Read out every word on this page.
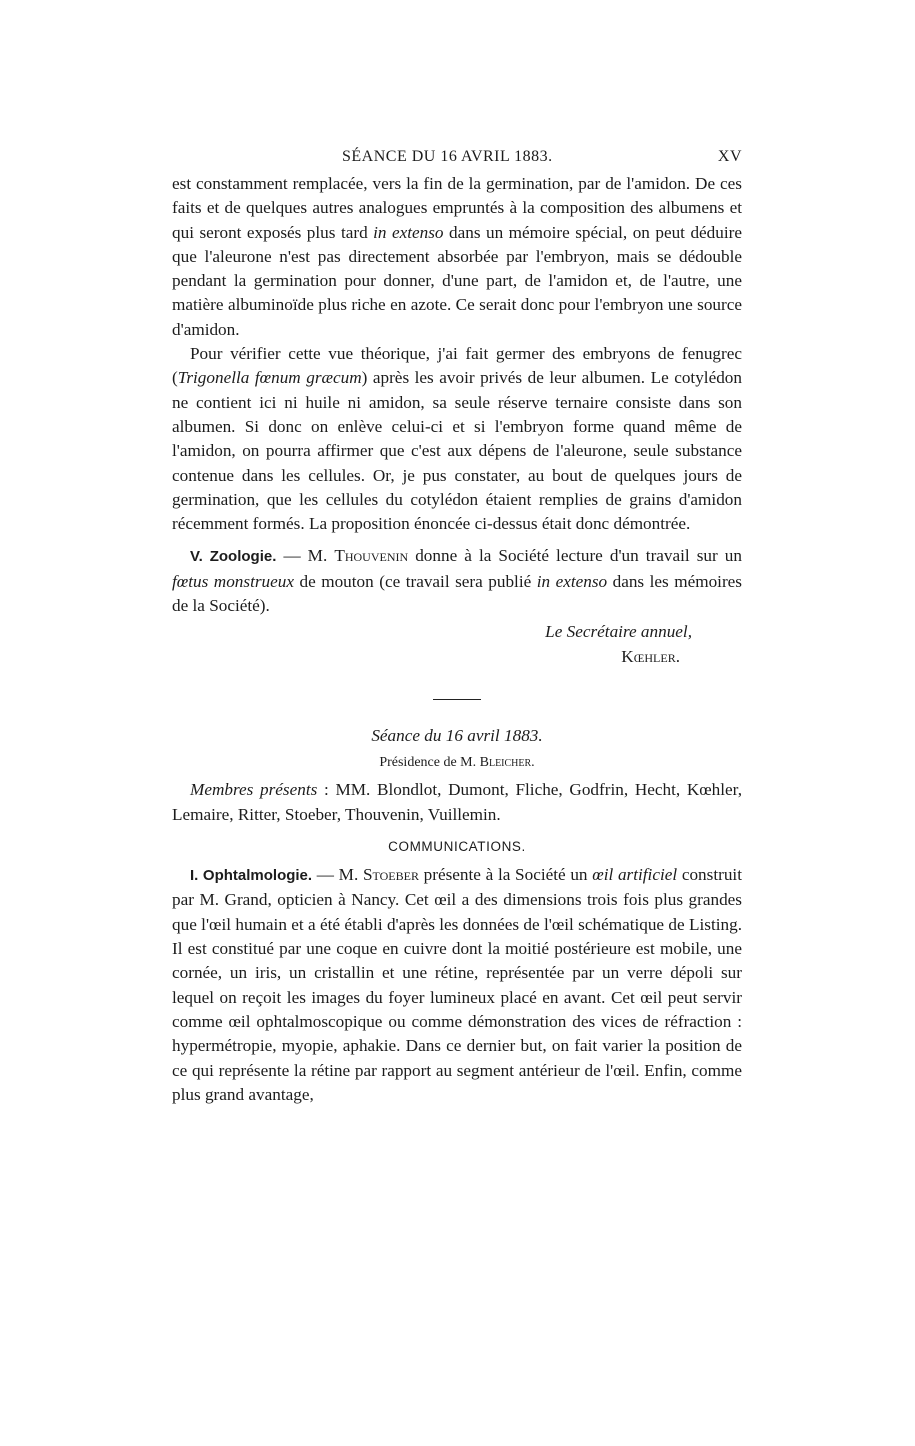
SÉANCE DU 16 AVRIL 1883.	XV

est constamment remplacée, vers la fin de la germination, par de l'amidon. De ces faits et de quelques autres analogues empruntés à la composition des albumens et qui seront exposés plus tard in extenso dans un mémoire spécial, on peut déduire que l'aleurone n'est pas directement absorbée par l'embryon, mais se dédouble pendant la germination pour donner, d'une part, de l'amidon et, de l'autre, une matière albuminoïde plus riche en azote. Ce serait donc pour l'embryon une source d'amidon.

Pour vérifier cette vue théorique, j'ai fait germer des embryons de fenugrec (Trigonella fœnum græcum) après les avoir privés de leur albumen. Le cotylédon ne contient ici ni huile ni amidon, sa seule réserve ternaire consiste dans son albumen. Si donc on enlève celui-ci et si l'embryon forme quand même de l'amidon, on pourra affirmer que c'est aux dépens de l'aleurone, seule substance contenue dans les cellules. Or, je pus constater, au bout de quelques jours de germination, que les cellules du cotylédon étaient remplies de grains d'amidon récemment formés. La proposition énoncée ci-dessus était donc démontrée.

V. Zoologie. — M. Thouvenin donne à la Société lecture d'un travail sur un fœtus monstrueux de mouton (ce travail sera publié in extenso dans les mémoires de la Société).

Le Secrétaire annuel,

Kœhler.

Séance du 16 avril 1883.

Présidence de M. Bleicher.

Membres présents : MM. Blondlot, Dumont, Fliche, Godfrin, Hecht, Kœhler, Lemaire, Ritter, Stoeber, Thouvenin, Vuillemin.

COMMUNICATIONS.

I. Ophtalmologie. — M. Stoeber présente à la Société un œil artificiel construit par M. Grand, opticien à Nancy. Cet œil a des dimensions trois fois plus grandes que l'œil humain et a été établi d'après les données de l'œil schématique de Listing. Il est constitué par une coque en cuivre dont la moitié postérieure est mobile, une cornée, un iris, un cristallin et une rétine, représentée par un verre dépoli sur lequel on reçoit les images du foyer lumineux placé en avant. Cet œil peut servir comme œil ophtalmoscopique ou comme démonstration des vices de réfraction : hypermétropie, myopie, aphakie. Dans ce dernier but, on fait varier la position de ce qui représente la rétine par rapport au segment antérieur de l'œil. Enfin, comme plus grand avantage,
